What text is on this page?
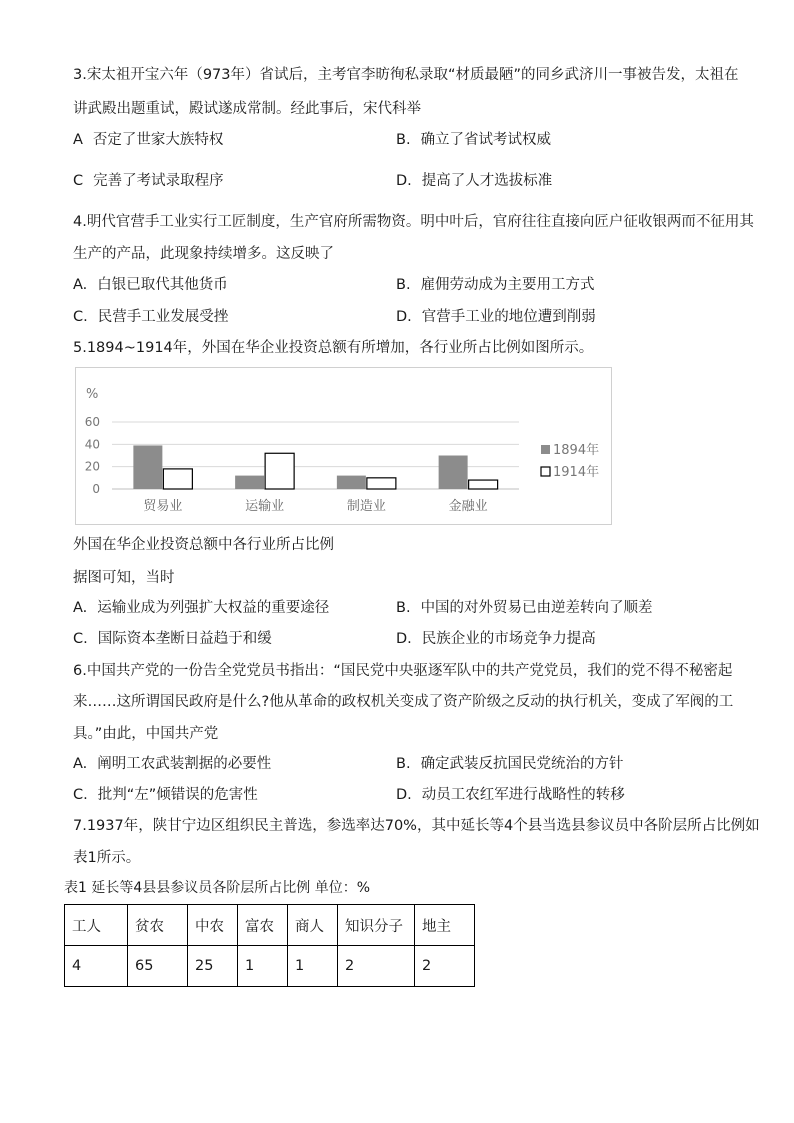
3.宋太祖开宝六年（973年）省试后，主考官李昉徇私录取“材质最陋”的同乡武济川一事被告发，太祖在
讲武殿出题重试，殿试遂成常制。经此事后，宋代科举
A 否定了世家大族特权	B. 确立了省试考试权威
C 完善了考试录取程序	D. 提高了人才选拔标准
4.明代官营手工业实行工匠制度，生产官府所需物资。明中叶后，官府往往直接向匠户征收银两而不征用其
生产的产品，此现象持续增多。这反映了
A. 白银已取代其他货币	B. 雇佣劳动成为主要用工方式
C. 民营手工业发展受挫	D. 官营手工业的地位遭到削弱
5.1894~1914年，外国在华企业投资总额有所增加，各行业所占比例如图所示。
%
0
20
40
60
贸易业	运输业	制造业	金融业
1894年
1914年
外国在华企业投资总额中各行业所占比例
据图可知，当时
A. 运输业成为列强扩大权益的重要途径	B. 中国的对外贸易已由逆差转向了顺差
C. 国际资本垄断日益趋于和缓	D. 民族企业的市场竞争力提高
6.中国共产党的一份告全党党员书指出：“国民党中央驱逐军队中的共产党党员，我们的党不得不秘密起
来……这所谓国民政府是什么?他从革命的政权机关变成了资产阶级之反动的执行机关，变成了军阀的工
具。”由此，中国共产党
A. 阐明工农武装割据的必要性	B. 确定武装反抗国民党统治的方针
C. 批判“左”倾错误的危害性	D. 动员工农红军进行战略性的转移
7.1937年，陕甘宁边区组织民主普选，参选率达70%，其中延长等4个县当选县参议员中各阶层所占比例如
表1所示。
表1 延长等4县县参议员各阶层所占比例 单位：%
工人	贫农	中农	富农	商人	知识分子	地主
4	65	25	1	1	2	2
